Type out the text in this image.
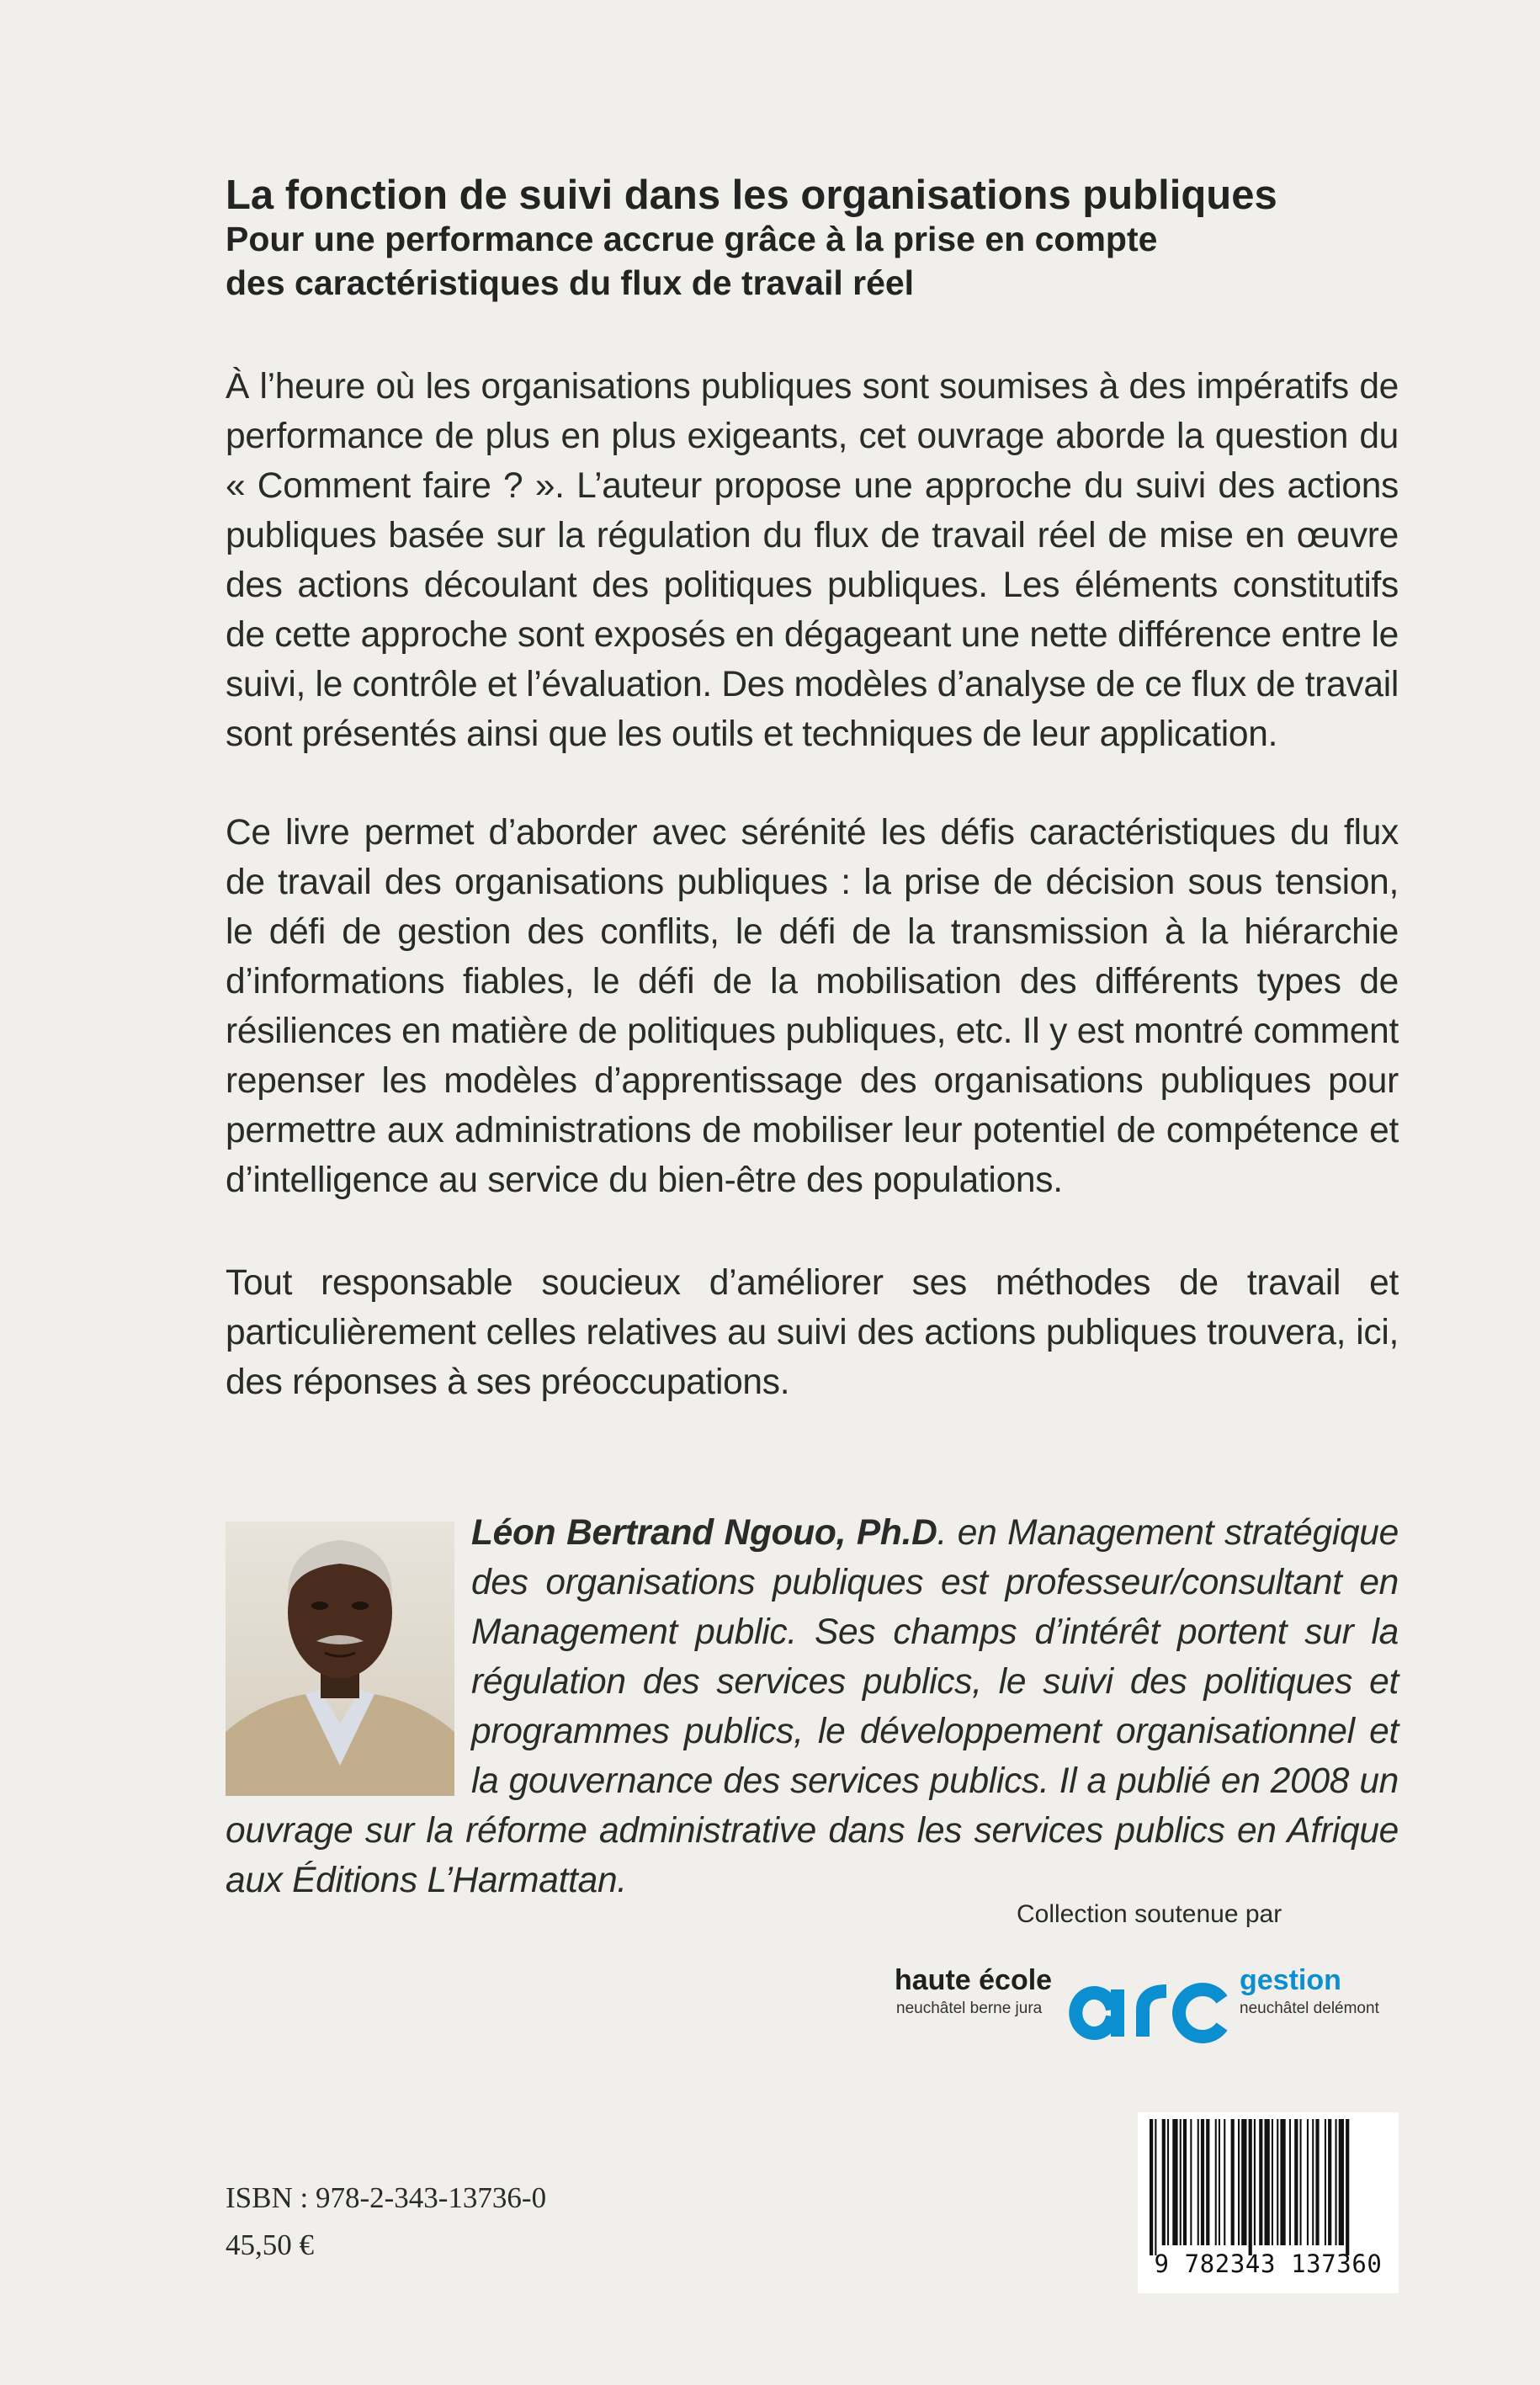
La fonction de suivi dans les organisations publiques
Pour une performance accrue grâce à la prise en compte
des caractéristiques du flux de travail réel

À l’heure où les organisations publiques sont soumises à des impératifs de performance de plus en plus exigeants, cet ouvrage aborde la question du « Comment faire ? ». L’auteur propose une approche du suivi des actions publiques basée sur la régulation du flux de travail réel de mise en œuvre des actions découlant des politiques publiques. Les éléments constitutifs de cette approche sont exposés en dégageant une nette différence entre le suivi, le contrôle et l’évaluation. Des modèles d’analyse de ce flux de travail sont présentés ainsi que les outils et techniques de leur application.

Ce livre permet d’aborder avec sérénité les défis caractéristiques du flux de travail des organisations publiques : la prise de décision sous tension, le défi de gestion des conflits, le défi de la transmission à la hiérarchie d’informations fiables, le défi de la mobilisation des différents types de résiliences en matière de politiques publiques, etc. Il y est montré comment repenser les modèles d’apprentissage des organisations publiques pour permettre aux administrations de mobiliser leur potentiel de compétence et d’intelligence au service du bien-être des populations.

Tout responsable soucieux d’améliorer ses méthodes de travail et particulièrement celles relatives au suivi des actions publiques trouvera, ici, des réponses à ses préoccupations.

Léon Bertrand Ngouo, Ph.D. en Management stratégique des organisations publiques est professeur/consultant en Management public. Ses champs d’intérêt portent sur la régulation des services publics, le suivi des politiques et programmes publics, le développement organisationnel et la gouvernance des services publics. Il a publié en 2008 un ouvrage sur la réforme administrative dans les services publics en Afrique aux Éditions L’Harmattan.

Collection soutenue par
haute école
neuchâtel berne jura
arc
gestion
neuchâtel delémont
ISBN : 978-2-343-13736-0
45,50 €
9 782343 137360
